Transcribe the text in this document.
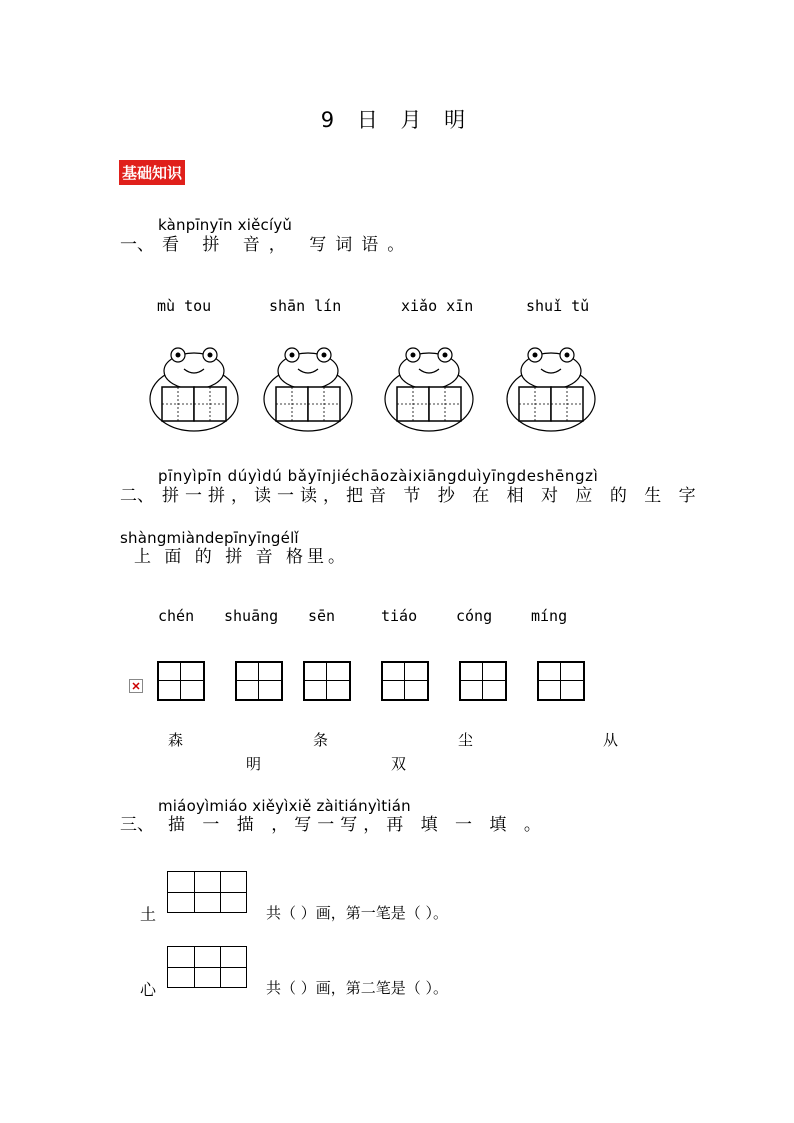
9 日 月 明
基础知识
kànpīnyīn xiěcíyǔ
一、 看 拼 音， 写词语。
mù tou	shān lín	xiǎo xīn	shuǐ tǔ
pīnyìpīn dúyìdú bǎyīnjiéchāozàixiāngduìyīngdeshēngzì
二、 拼一拼，读一读，把音 节 抄 在 相 对 应 的 生 字
shàngmiàndepīnyīngélǐ
上 面 的 拼 音 格里。
chén shuāng sēn	tiáo	cóng	míng
森	条	尘	从
明	双
miáoyìmiáo xiěyìxiě zàitiányìtián
三、 描 一 描 ，写一写，再 填 一 填 。
土	共（ ）画，第一笔是（ ）。
心	共（ ）画，第二笔是（ ）。
